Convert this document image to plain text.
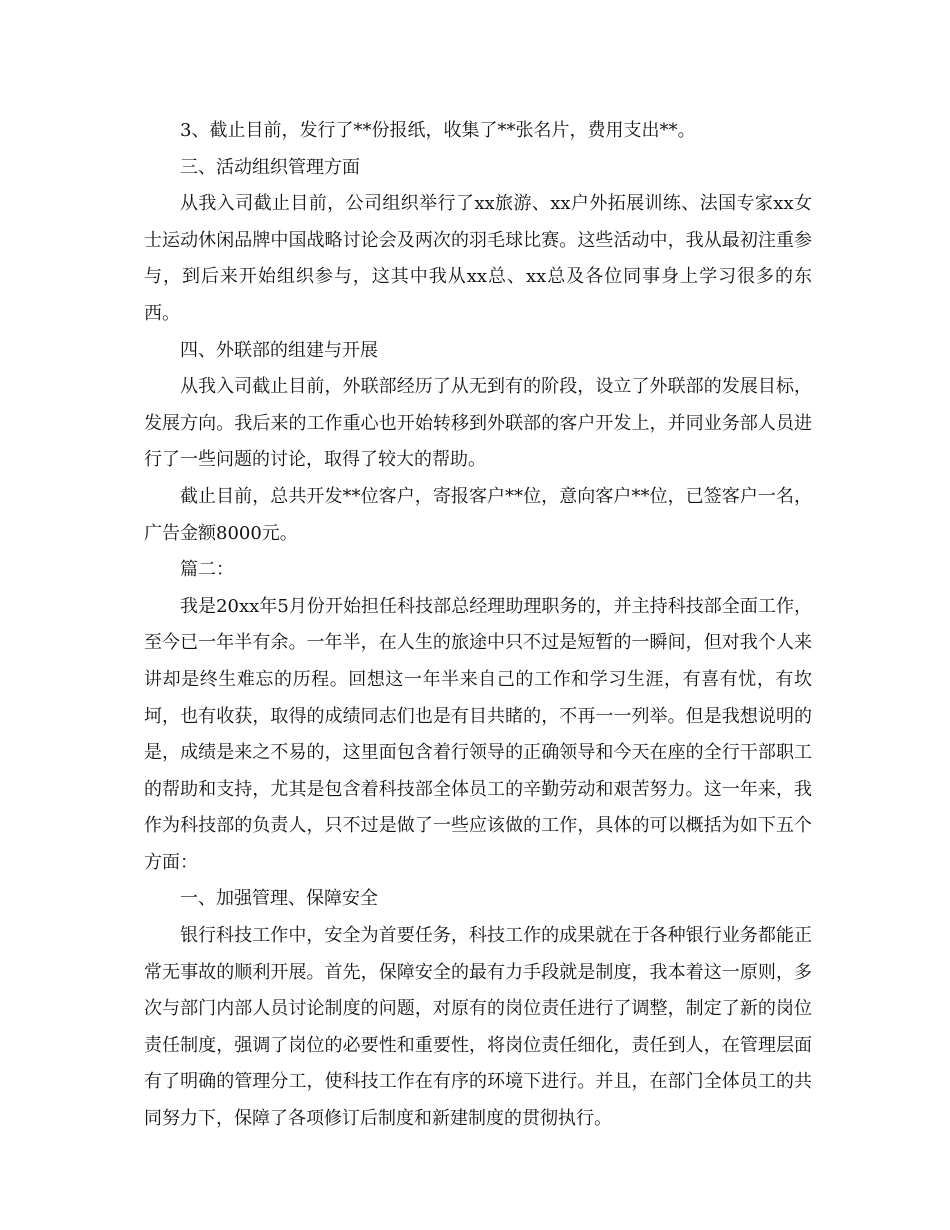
3、截止目前，发行了**份报纸，收集了**张名片，费用支出**。

三、活动组织管理方面

从我入司截止目前，公司组织举行了xx旅游、xx户外拓展训练、法国专家xx女士运动休闲品牌中国战略讨论会及两次的羽毛球比赛。这些活动中，我从最初注重参与，到后来开始组织参与，这其中我从xx总、xx总及各位同事身上学习很多的东西。

四、外联部的组建与开展

从我入司截止目前，外联部经历了从无到有的阶段，设立了外联部的发展目标，发展方向。我后来的工作重心也开始转移到外联部的客户开发上，并同业务部人员进行了一些问题的讨论，取得了较大的帮助。

截止目前，总共开发**位客户，寄报客户**位，意向客户**位，已签客户一名，广告金额8000元。

篇二：

我是20xx年5月份开始担任科技部总经理助理职务的，并主持科技部全面工作，至今已一年半有余。一年半，在人生的旅途中只不过是短暂的一瞬间，但对我个人来讲却是终生难忘的历程。回想这一年半来自己的工作和学习生涯，有喜有忧，有坎坷，也有收获，取得的成绩同志们也是有目共睹的，不再一一列举。但是我想说明的是，成绩是来之不易的，这里面包含着行领导的正确领导和今天在座的全行干部职工的帮助和支持，尤其是包含着科技部全体员工的辛勤劳动和艰苦努力。这一年来，我作为科技部的负责人，只不过是做了一些应该做的工作，具体的可以概括为如下五个方面：

一、加强管理、保障安全

银行科技工作中，安全为首要任务，科技工作的成果就在于各种银行业务都能正常无事故的顺利开展。首先，保障安全的最有力手段就是制度，我本着这一原则，多次与部门内部人员讨论制度的问题，对原有的岗位责任进行了调整，制定了新的岗位责任制度，强调了岗位的必要性和重要性，将岗位责任细化，责任到人，在管理层面有了明确的管理分工，使科技工作在有序的环境下进行。并且，在部门全体员工的共同努力下，保障了各项修订后制度和新建制度的贯彻执行。
